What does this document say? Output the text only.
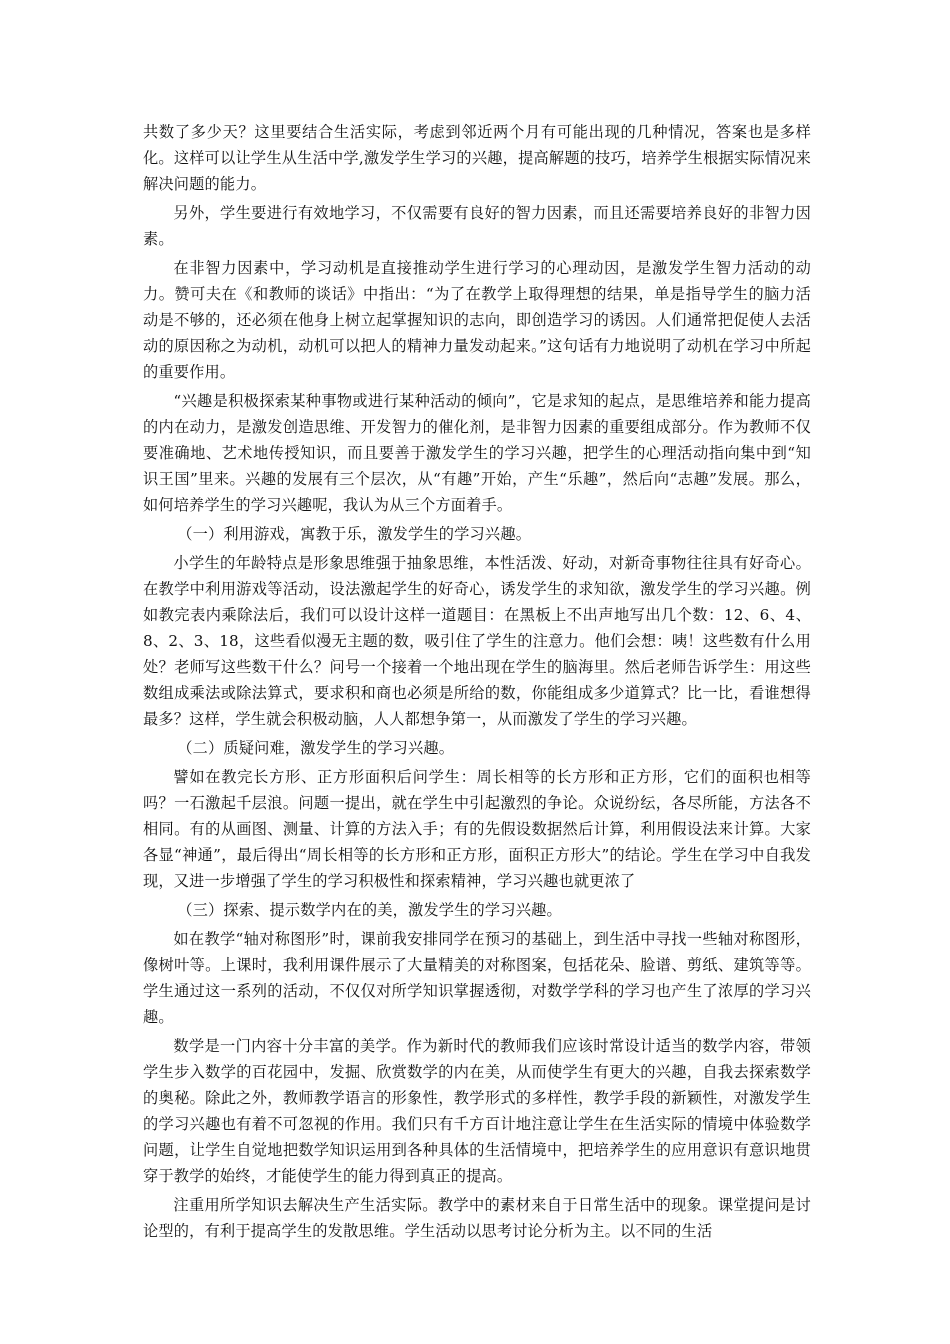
共数了多少天？这里要结合生活实际，考虑到邻近两个月有可能出现的几种情况，答案也是多样化。这样可以让学生从生活中学,激发学生学习的兴趣，提高解题的技巧，培养学生根据实际情况来解决问题的能力。

另外，学生要进行有效地学习，不仅需要有良好的智力因素，而且还需要培养良好的非智力因素。

在非智力因素中，学习动机是直接推动学生进行学习的心理动因，是激发学生智力活动的动力。赞可夫在《和教师的谈话》中指出：“为了在教学上取得理想的结果，单是指导学生的脑力活动是不够的，还必须在他身上树立起掌握知识的志向，即创造学习的诱因。人们通常把促使人去活动的原因称之为动机，动机可以把人的精神力量发动起来。”这句话有力地说明了动机在学习中所起的重要作用。

“兴趣是积极探索某种事物或进行某种活动的倾向”，它是求知的起点，是思维培养和能力提高的内在动力，是激发创造思维、开发智力的催化剂，是非智力因素的重要组成部分。作为教师不仅要准确地、艺术地传授知识，而且要善于激发学生的学习兴趣，把学生的心理活动指向集中到“知识王国”里来。兴趣的发展有三个层次，从“有趣”开始，产生“乐趣”，然后向“志趣”发展。那么，如何培养学生的学习兴趣呢，我认为从三个方面着手。

（一）利用游戏，寓教于乐，激发学生的学习兴趣。

小学生的年龄特点是形象思维强于抽象思维，本性活泼、好动，对新奇事物往往具有好奇心。在教学中利用游戏等活动，设法激起学生的好奇心，诱发学生的求知欲，激发学生的学习兴趣。例如教完表内乘除法后，我们可以设计这样一道题目：在黑板上不出声地写出几个数：12、6、4、8、2、3、18，这些看似漫无主题的数，吸引住了学生的注意力。他们会想：咦！这些数有什么用处？老师写这些数干什么？问号一个接着一个地出现在学生的脑海里。然后老师告诉学生：用这些数组成乘法或除法算式，要求积和商也必须是所给的数，你能组成多少道算式？比一比，看谁想得最多？这样，学生就会积极动脑，人人都想争第一，从而激发了学生的学习兴趣。

（二）质疑问难，激发学生的学习兴趣。

譬如在教完长方形、正方形面积后问学生：周长相等的长方形和正方形，它们的面积也相等吗？一石激起千层浪。问题一提出，就在学生中引起激烈的争论。众说纷纭，各尽所能，方法各不相同。有的从画图、测量、计算的方法入手；有的先假设数据然后计算，利用假设法来计算。大家各显“神通”，最后得出“周长相等的长方形和正方形，面积正方形大”的结论。学生在学习中自我发现，又进一步增强了学生的学习积极性和探索精神，学习兴趣也就更浓了

（三）探索、提示数学内在的美，激发学生的学习兴趣。

如在教学“轴对称图形”时，课前我安排同学在预习的基础上，到生活中寻找一些轴对称图形，像树叶等。上课时，我利用课件展示了大量精美的对称图案，包括花朵、脸谱、剪纸、建筑等等。学生通过这一系列的活动，不仅仅对所学知识掌握透彻，对数学学科的学习也产生了浓厚的学习兴趣。

数学是一门内容十分丰富的美学。作为新时代的教师我们应该时常设计适当的数学内容，带领学生步入数学的百花园中，发掘、欣赏数学的内在美，从而使学生有更大的兴趣，自我去探索数学的奥秘。除此之外，教师教学语言的形象性，教学形式的多样性，教学手段的新颖性，对激发学生的学习兴趣也有着不可忽视的作用。我们只有千方百计地注意让学生在生活实际的情境中体验数学问题，让学生自觉地把数学知识运用到各种具体的生活情境中，把培养学生的应用意识有意识地贯穿于教学的始终，才能使学生的能力得到真正的提高。

注重用所学知识去解决生产生活实际。教学中的素材来自于日常生活中的现象。课堂提问是讨论型的，有利于提高学生的发散思维。学生活动以思考讨论分析为主。以不同的生活
